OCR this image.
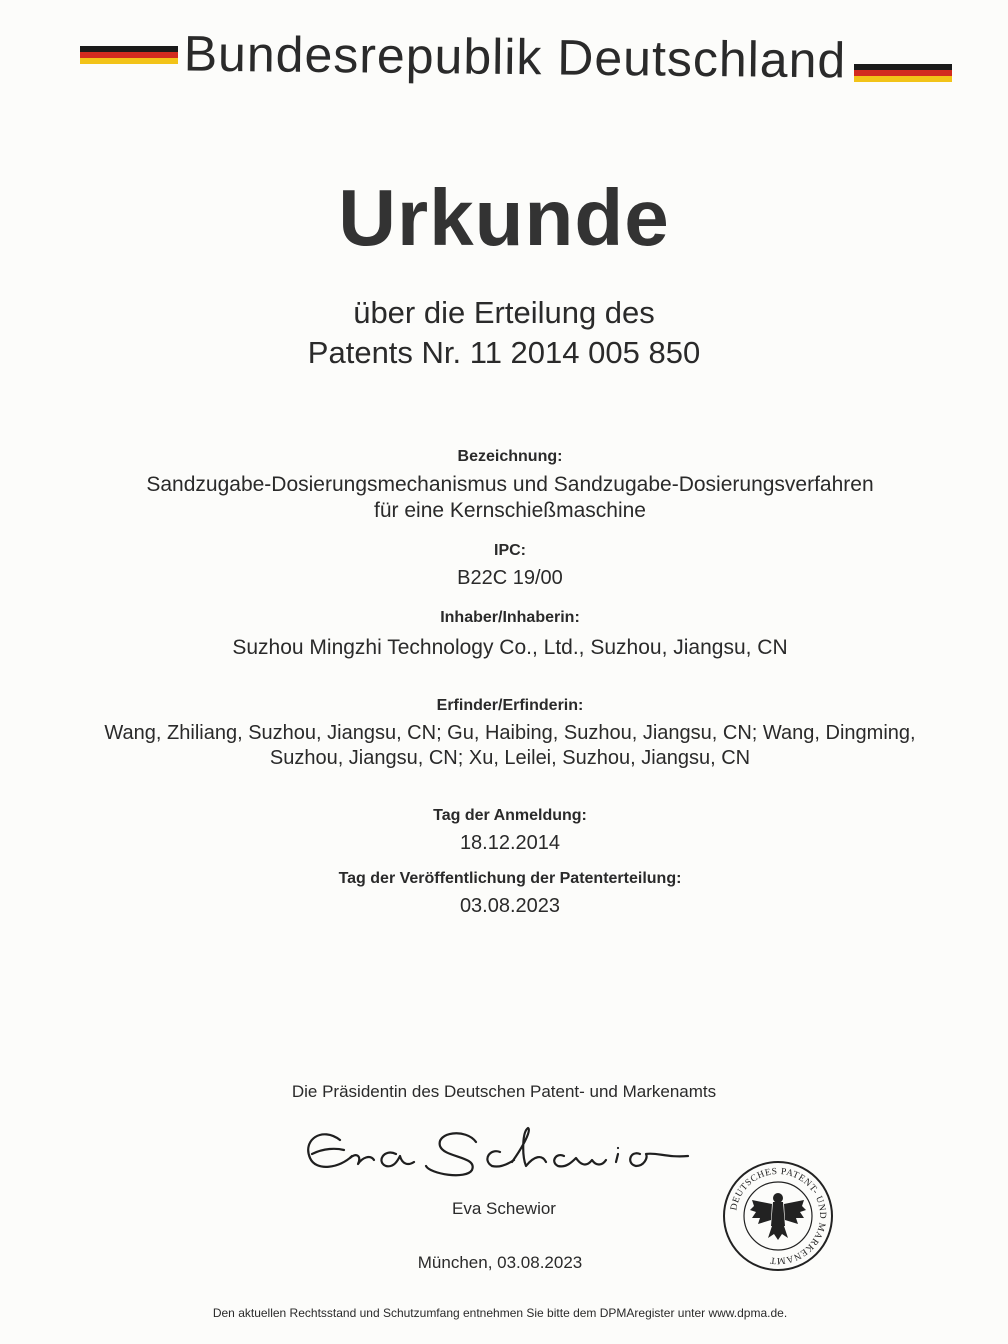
Bundesrepublik Deutschland
Urkunde
über die Erteilung des
Patents Nr. 11 2014 005 850
Bezeichnung:
Sandzugabe-Dosierungsmechanismus und Sandzugabe-Dosierungsverfahren
für eine Kernschießmaschine
IPC:
B22C 19/00
Inhaber/Inhaberin:
Suzhou Mingzhi Technology Co., Ltd., Suzhou, Jiangsu, CN
Erfinder/Erfinderin:
Wang, Zhiliang, Suzhou, Jiangsu, CN; Gu, Haibing, Suzhou, Jiangsu, CN; Wang, Dingming,
Suzhou, Jiangsu, CN; Xu, Leilei, Suzhou, Jiangsu, CN
Tag der Anmeldung:
18.12.2014
Tag der Veröffentlichung der Patenterteilung:
03.08.2023
Die Präsidentin des Deutschen Patent- und Markenamts
Eva Schewior
München, 03.08.2023
DEUTSCHES PATENT- UND MARKENAMT
Den aktuellen Rechtsstand und Schutzumfang entnehmen Sie bitte dem DPMAregister unter www.dpma.de.
